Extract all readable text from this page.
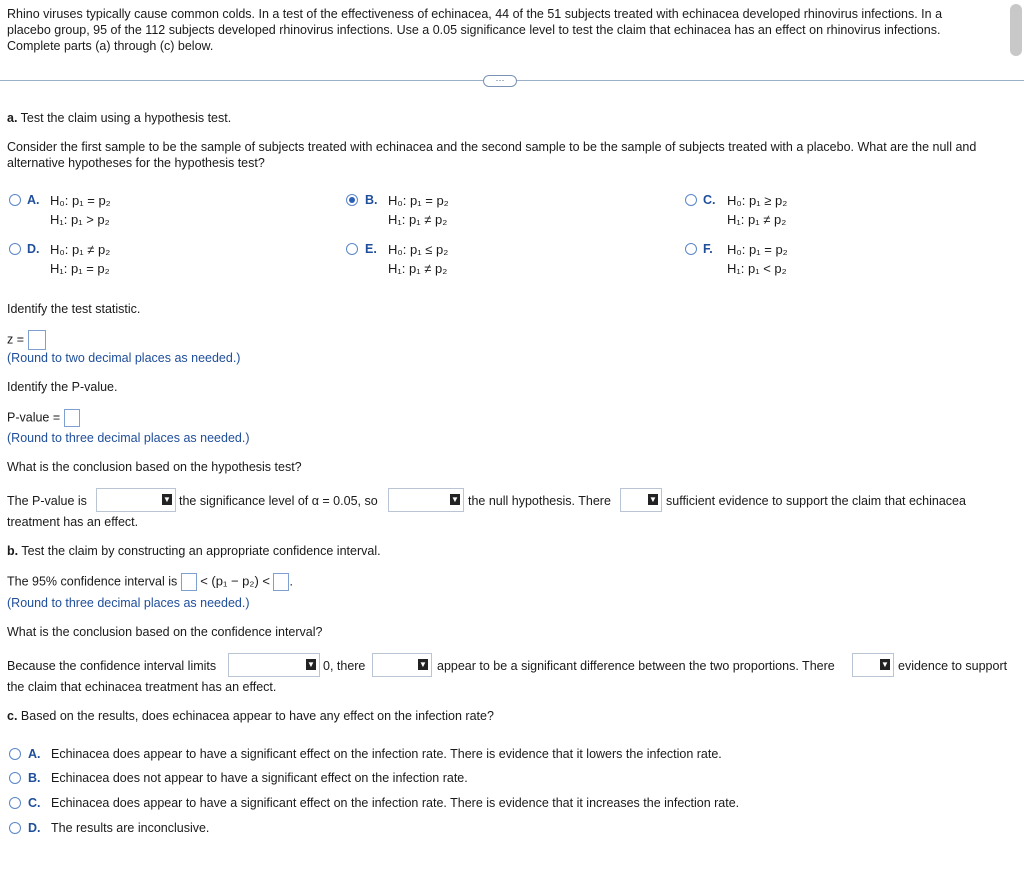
Rhino viruses typically cause common colds. In a test of the effectiveness of echinacea, 44 of the 51 subjects treated with echinacea developed rhinovirus infections. In a
placebo group, 95 of the 112 subjects developed rhinovirus infections. Use a 0.05 significance level to test the claim that echinacea has an effect on rhinovirus infections.
Complete parts (a) through (c) below.
···
a. Test the claim using a hypothesis test.
Consider the first sample to be the sample of subjects treated with echinacea and the second sample to be the sample of subjects treated with a placebo. What are the null and
alternative hypotheses for the hypothesis test?
A. H₀: p₁ = p₂
H₁: p₁ > p₂
B. H₀: p₁ = p₂
H₁: p₁ ≠ p₂
C. H₀: p₁ ≥ p₂
H₁: p₁ ≠ p₂
D. H₀: p₁ ≠ p₂
H₁: p₁ = p₂
E. H₀: p₁ ≤ p₂
H₁: p₁ ≠ p₂
F. H₀: p₁ = p₂
H₁: p₁ < p₂
Identify the test statistic.
z =
(Round to two decimal places as needed.)
Identify the P-value.
P-value =
(Round to three decimal places as needed.)
What is the conclusion based on the hypothesis test?
The P-value is	▼ the significance level of α = 0.05, so	▼ the null hypothesis. There	▼ sufficient evidence to support the claim that echinacea
treatment has an effect.
b. Test the claim by constructing an appropriate confidence interval.
The 95% confidence interval is < (p₁ − p₂) < .
(Round to three decimal places as needed.)
What is the conclusion based on the confidence interval?
Because the confidence interval limits	▼ 0, there	▼ appear to be a significant difference between the two proportions. There	▼ evidence to support
the claim that echinacea treatment has an effect.
c. Based on the results, does echinacea appear to have any effect on the infection rate?
A. Echinacea does appear to have a significant effect on the infection rate. There is evidence that it lowers the infection rate.
B. Echinacea does not appear to have a significant effect on the infection rate.
C. Echinacea does appear to have a significant effect on the infection rate. There is evidence that it increases the infection rate.
D. The results are inconclusive.
